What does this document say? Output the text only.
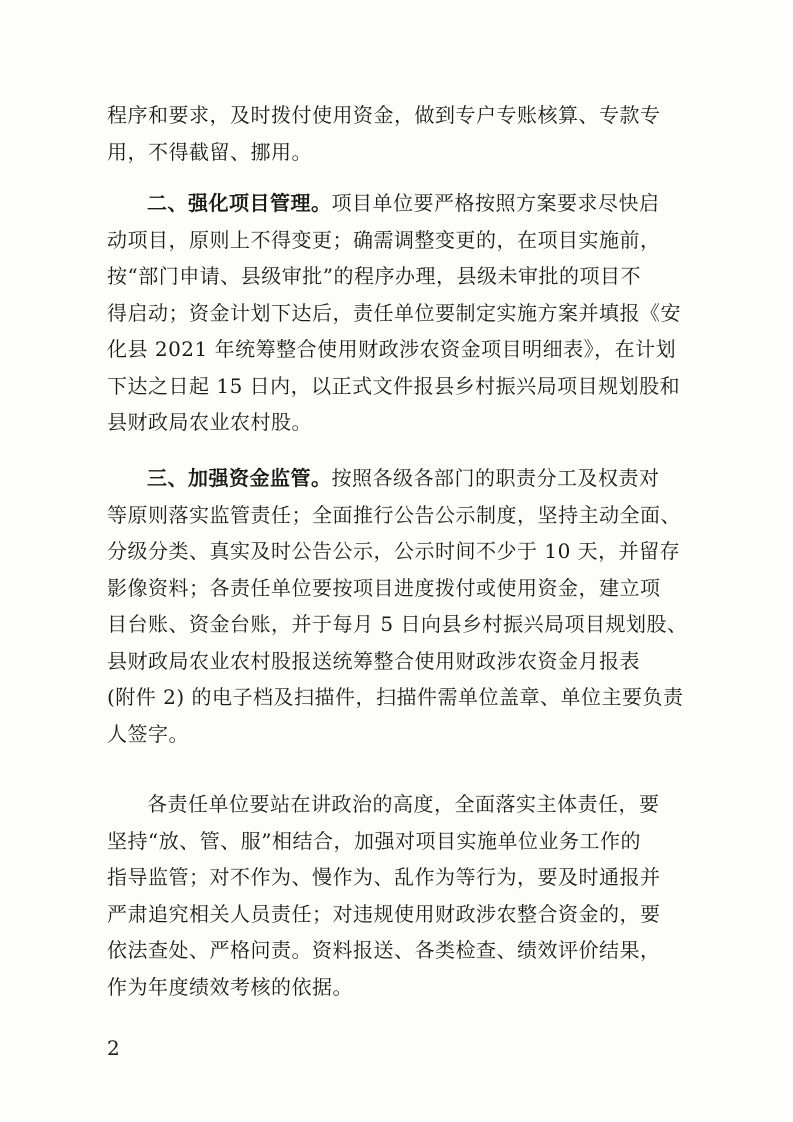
程序和要求，及时拨付使用资金，做到专户专账核算、专款专
用，不得截留、挪用。
二、强化项目管理。项目单位要严格按照方案要求尽快启
动项目，原则上不得变更；确需调整变更的，在项目实施前，
按“部门申请、县级审批”的程序办理，县级未审批的项目不
得启动；资金计划下达后，责任单位要制定实施方案并填报《安
化县 2021 年统筹整合使用财政涉农资金项目明细表》，在计划
下达之日起 15 日内，以正式文件报县乡村振兴局项目规划股和
县财政局农业农村股。
三、加强资金监管。按照各级各部门的职责分工及权责对
等原则落实监管责任；全面推行公告公示制度，坚持主动全面、
分级分类、真实及时公告公示，公示时间不少于 10 天，并留存
影像资料；各责任单位要按项目进度拨付或使用资金，建立项
目台账、资金台账，并于每月 5 日向县乡村振兴局项目规划股、
县财政局农业农村股报送统筹整合使用财政涉农资金月报表
(附件 2) 的电子档及扫描件，扫描件需单位盖章、单位主要负责
人签字。
各责任单位要站在讲政治的高度，全面落实主体责任，要
坚持“放、管、服”相结合，加强对项目实施单位业务工作的
指导监管；对不作为、慢作为、乱作为等行为，要及时通报并
严肃追究相关人员责任；对违规使用财政涉农整合资金的，要
依法查处、严格问责。资料报送、各类检查、绩效评价结果，
作为年度绩效考核的依据。
2
